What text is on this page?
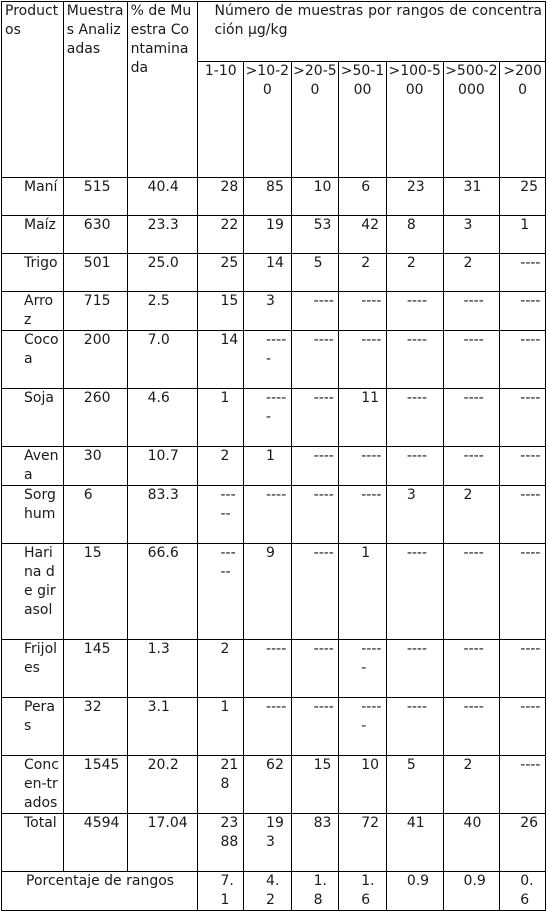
Productos	Muestras Analizadas	% de Muestra Contaminada	Número de muestras por rangos de concentración µg/kg						
			1-10	>10-20	>20-50	>50-100	>100-500	>500-2000	>2000
Maní	515	40.4	28	85	10	6	23	31	25
Maíz	630	23.3	22	19	53	42	8	3	1
Trigo	501	25.0	25	14	5	2	2	2	----
Arroz	715	2.5	15	3	----	----	----	----	----
Cocoa	200	7.0	14	-----	----	----	----	----	----
Soja	260	4.6	1	-----	----	11	----	----	----
Avena	30	10.7	2	1	----	----	----	----	----
Sorghum	6	83.3	-----	----	----	----	3	2	----
Harina de girasol	15	66.6	-----	9	----	1	----	----	----
Frijoles	145	1.3	2	----	----	-----	----	----	----
Peras	32	3.1	1	----	----	-----	----	----	----
Concen-trados	1545	20.2	218	62	15	10	5	2	----
Total	4594	17.04	2388	193	83	72	41	40	26
Porcentaje de rangos			7.1	4.2	1.8	1.6	0.9	0.9	0.6
